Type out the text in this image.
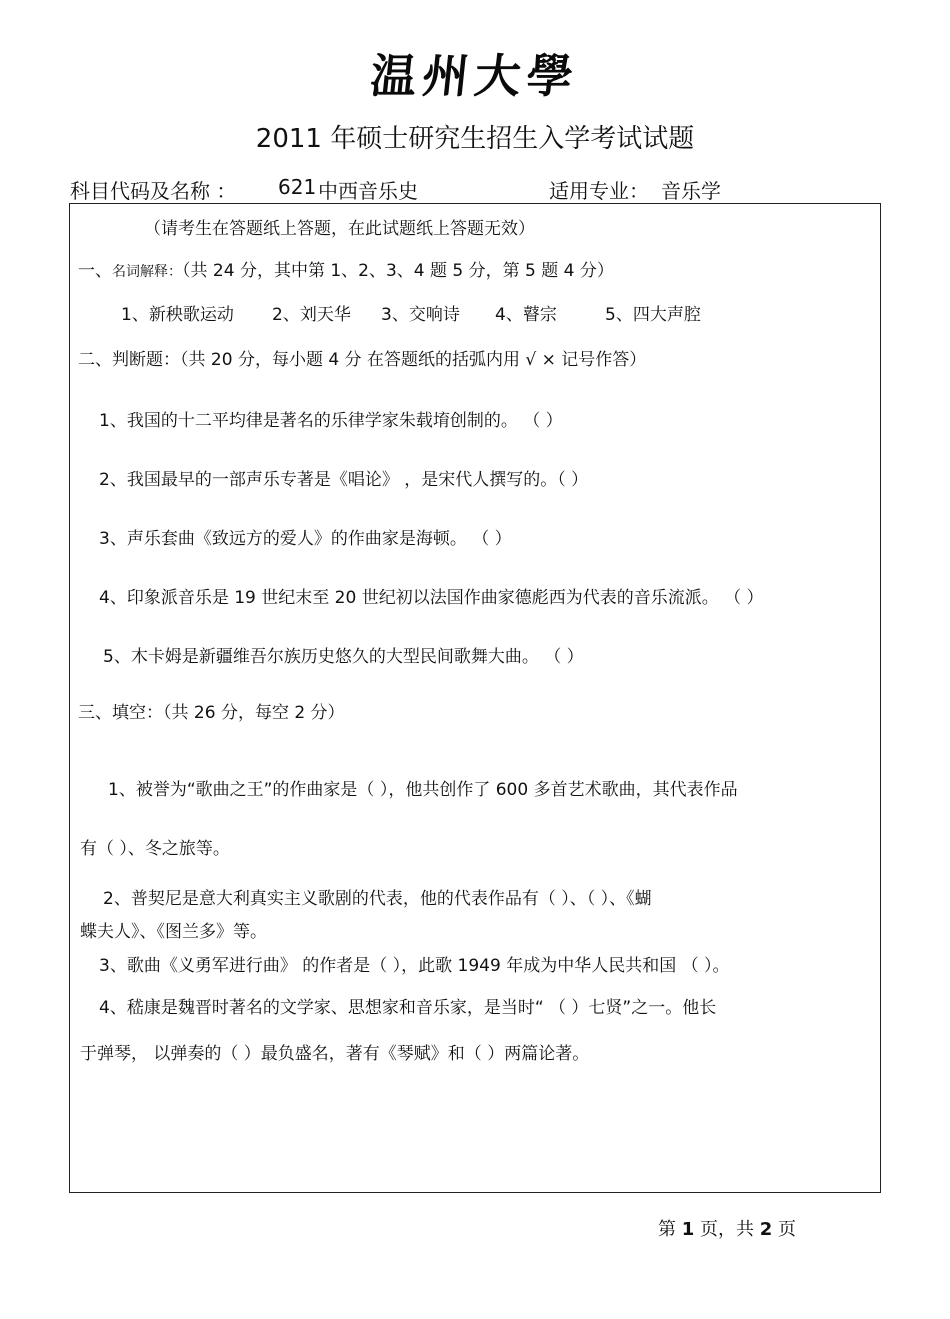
温州大學
2011 年硕士研究生招生入学考试试题
科目代码及名称 ： 621 中西音乐史	适用专业： 音乐学
（请考生在答题纸上答题，在此试题纸上答题无效）
一、名词解释：（共 24 分，其中第 1、2、3、4 题 5 分，第 5 题 4 分）
1、新秧歌运动 2、刘天华 3、交响诗 4、瞽宗	5、四大声腔
二、判断题：（共 20 分，每小题 4 分 在答题纸的括弧内用 √ × 记号作答）
1、我国的十二平均律是著名的乐律学家朱载堉创制的。 （ ）
2、我国最早的一部声乐专著是《唱论》 ，是宋代人撰写的。（ ）
3、声乐套曲《致远方的爱人》的作曲家是海顿。 （ ）
4、印象派音乐是 19 世纪末至 20 世纪初以法国作曲家德彪西为代表的音乐流派。 （ ）
5、木卡姆是新疆维吾尔族历史悠久的大型民间歌舞大曲。 （ ）
三、填空：（共 26 分，每空 2 分）
1、被誉为“歌曲之王”的作曲家是（ ），他共创作了 600 多首艺术歌曲，其代表作品
有（ ）、冬之旅等。
2、普契尼是意大利真实主义歌剧的代表，他的代表作品有（ ）、（ ）、《蝴
蝶夫人》、《图兰多》等。
3、歌曲《义勇军进行曲》 的作者是（ ），此歌 1949 年成为中华人民共和国 （ ）。
4、嵇康是魏晋时著名的文学家、思想家和音乐家，是当时“ （ ）七贤”之一。他长
于弹琴， 以弹奏的（ ）最负盛名，著有《琴赋》和（ ）两篇论著。
第 1 页，共 2 页
